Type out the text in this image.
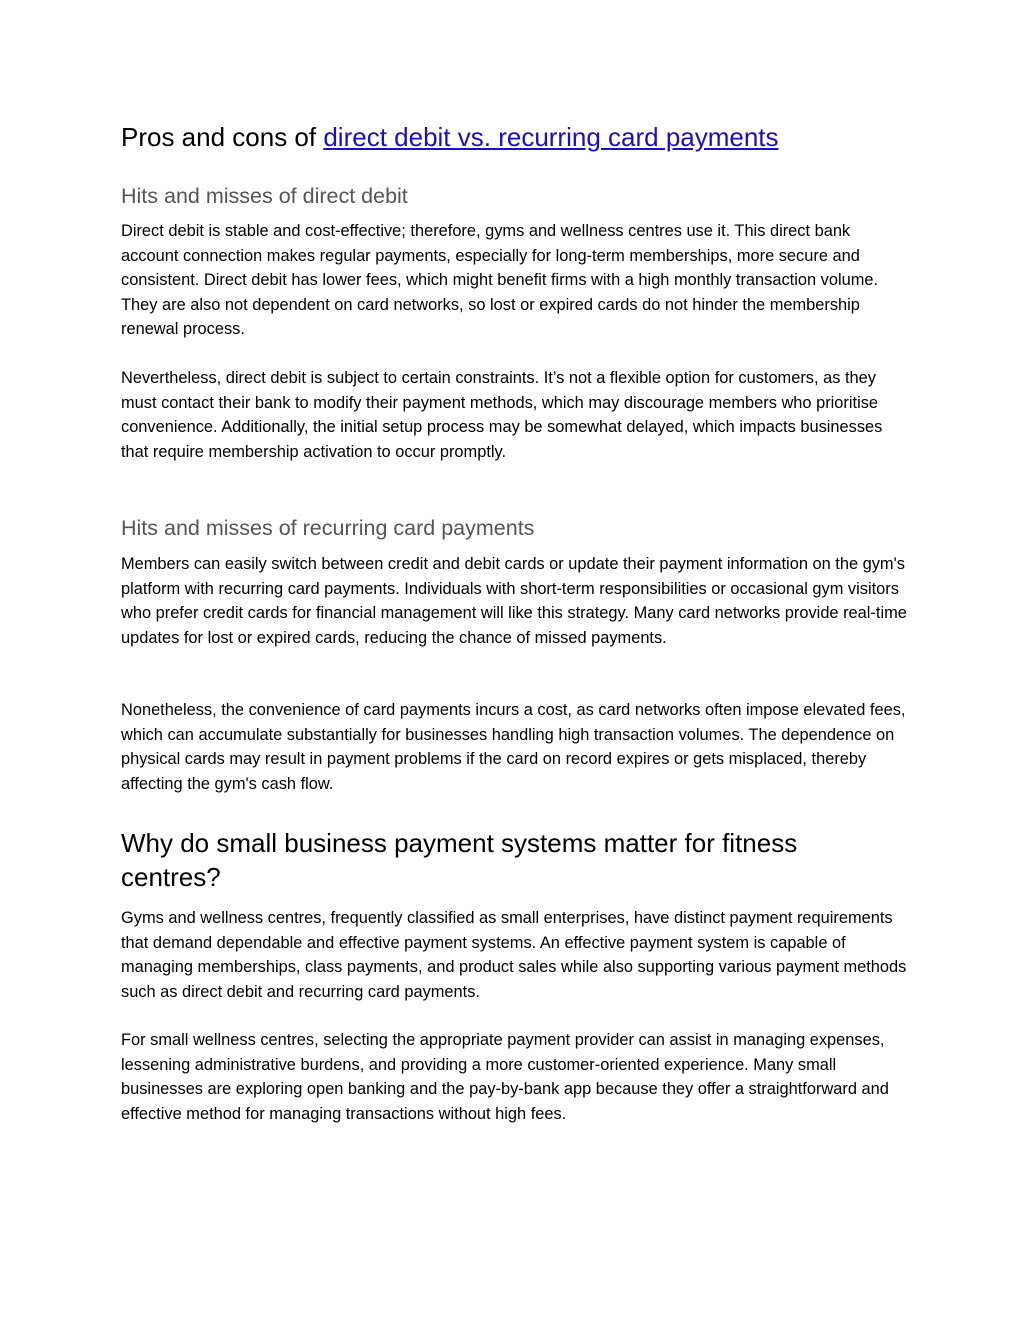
Pros and cons of direct debit vs. recurring card payments
Hits and misses of direct debit

Direct debit is stable and cost-effective; therefore, gyms and wellness centres use it. This direct bank account connection makes regular payments, especially for long-term memberships, more secure and consistent. Direct debit has lower fees, which might benefit firms with a high monthly transaction volume. They are also not dependent on card networks, so lost or expired cards do not hinder the membership renewal process.

Nevertheless, direct debit is subject to certain constraints. It’s not a flexible option for customers, as they must contact their bank to modify their payment methods, which may discourage members who prioritise convenience. Additionally, the initial setup process may be somewhat delayed, which impacts businesses that require membership activation to occur promptly.

Hits and misses of recurring card payments

Members can easily switch between credit and debit cards or update their payment information on the gym's platform with recurring card payments. Individuals with short-term responsibilities or occasional gym visitors who prefer credit cards for financial management will like this strategy. Many card networks provide real-time updates for lost or expired cards, reducing the chance of missed payments.

Nonetheless, the convenience of card payments incurs a cost, as card networks often impose elevated fees, which can accumulate substantially for businesses handling high transaction volumes. The dependence on physical cards may result in payment problems if the card on record expires or gets misplaced, thereby affecting the gym's cash flow.

Why do small business payment systems matter for fitness centres?

Gyms and wellness centres, frequently classified as small enterprises, have distinct payment requirements that demand dependable and effective payment systems. An effective payment system is capable of managing memberships, class payments, and product sales while also supporting various payment methods such as direct debit and recurring card payments.

For small wellness centres, selecting the appropriate payment provider can assist in managing expenses, lessening administrative burdens, and providing a more customer-oriented experience. Many small businesses are exploring open banking and the pay-by-bank app because they offer a straightforward and effective method for managing transactions without high fees.
